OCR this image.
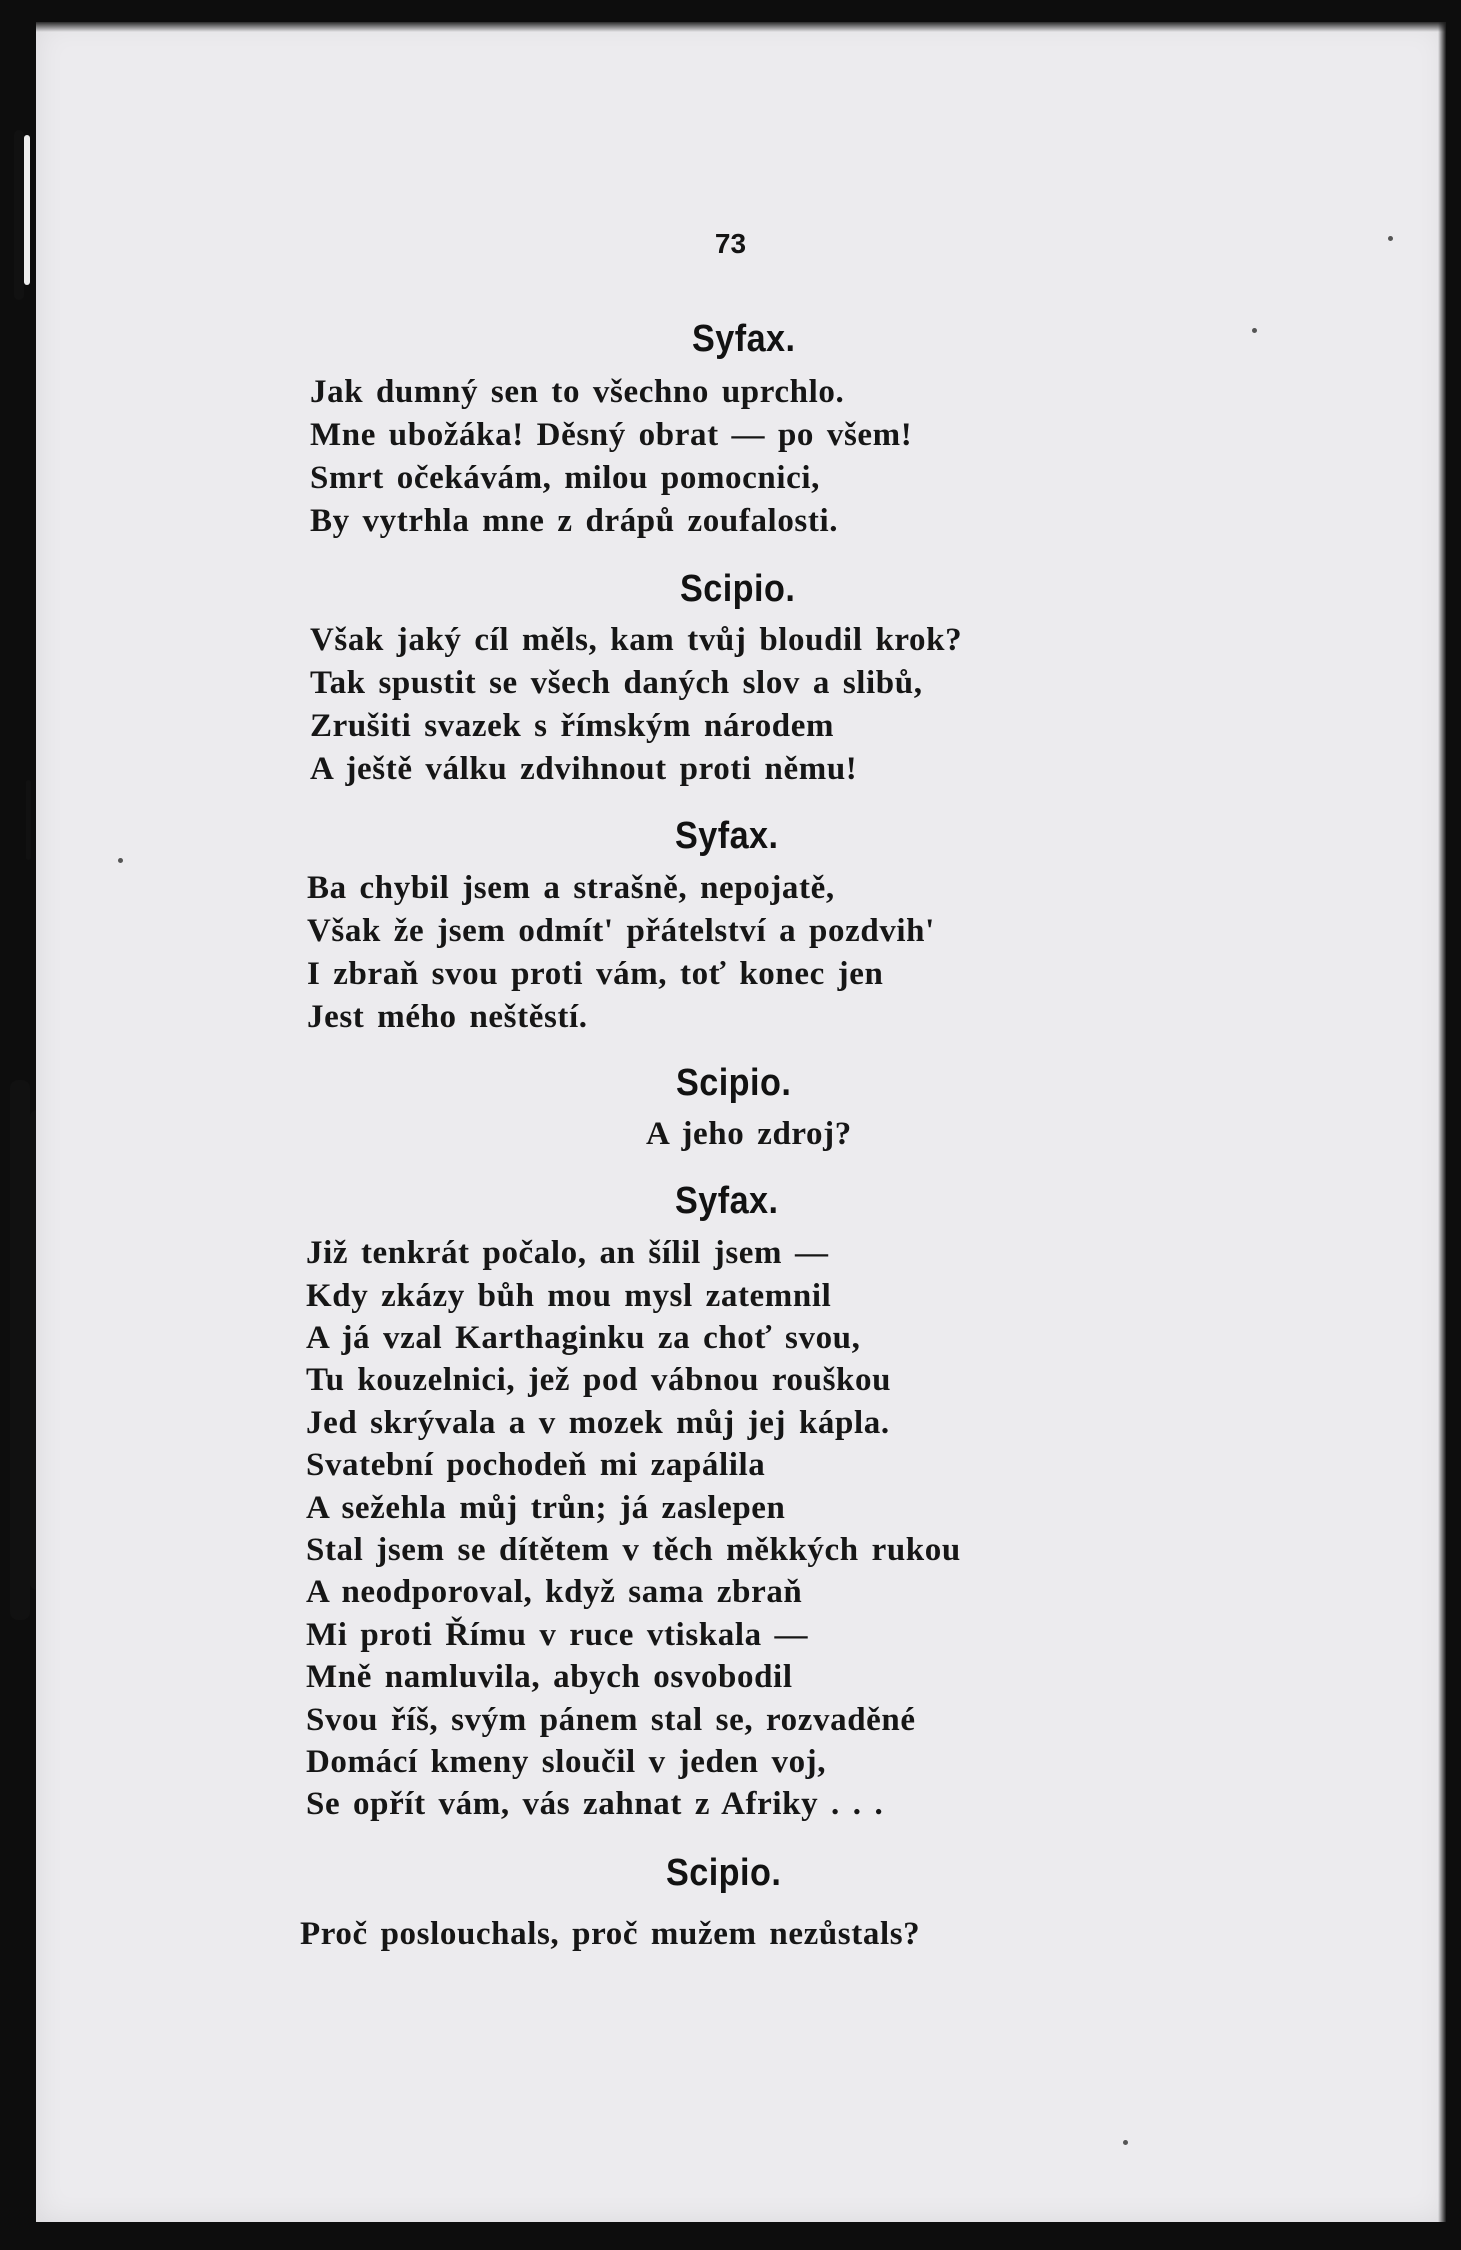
73
Syfax.
Jak dumný sen to všechno uprchlo.
Mne ubožáka! Děsný obrat — po všem!
Smrt očekávám, milou pomocnici,
By vytrhla mne z drápů zoufalosti.
Scipio.
Však jaký cíl měls, kam tvůj bloudil krok?
Tak spustit se všech daných slov a slibů,
Zrušiti svazek s římským národem
A ještě válku zdvihnout proti němu!
Syfax.
Ba chybil jsem a strašně, nepojatě,
Však že jsem odmít' přátelství a pozdvih'
I zbraň svou proti vám, toť konec jen
Jest mého neštěstí.
Scipio.
A jeho zdroj?
Syfax.
Již tenkrát počalo, an šílil jsem —
Kdy zkázy bůh mou mysl zatemnil
A já vzal Karthaginku za choť svou,
Tu kouzelnici, jež pod vábnou rouškou
Jed skrývala a v mozek můj jej kápla.
Svatební pochodeň mi zapálila
A sežehla můj trůn; já zaslepen
Stal jsem se dítětem v těch měkkých rukou
A neodporoval, když sama zbraň
Mi proti Římu v ruce vtiskala —
Mně namluvila, abych osvobodil
Svou říš, svým pánem stal se, rozvaděné
Domácí kmeny sloučil v jeden voj,
Se opřít vám, vás zahnat z Afriky . . .
Scipio.
Proč poslouchals, proč mužem nezůstals?
